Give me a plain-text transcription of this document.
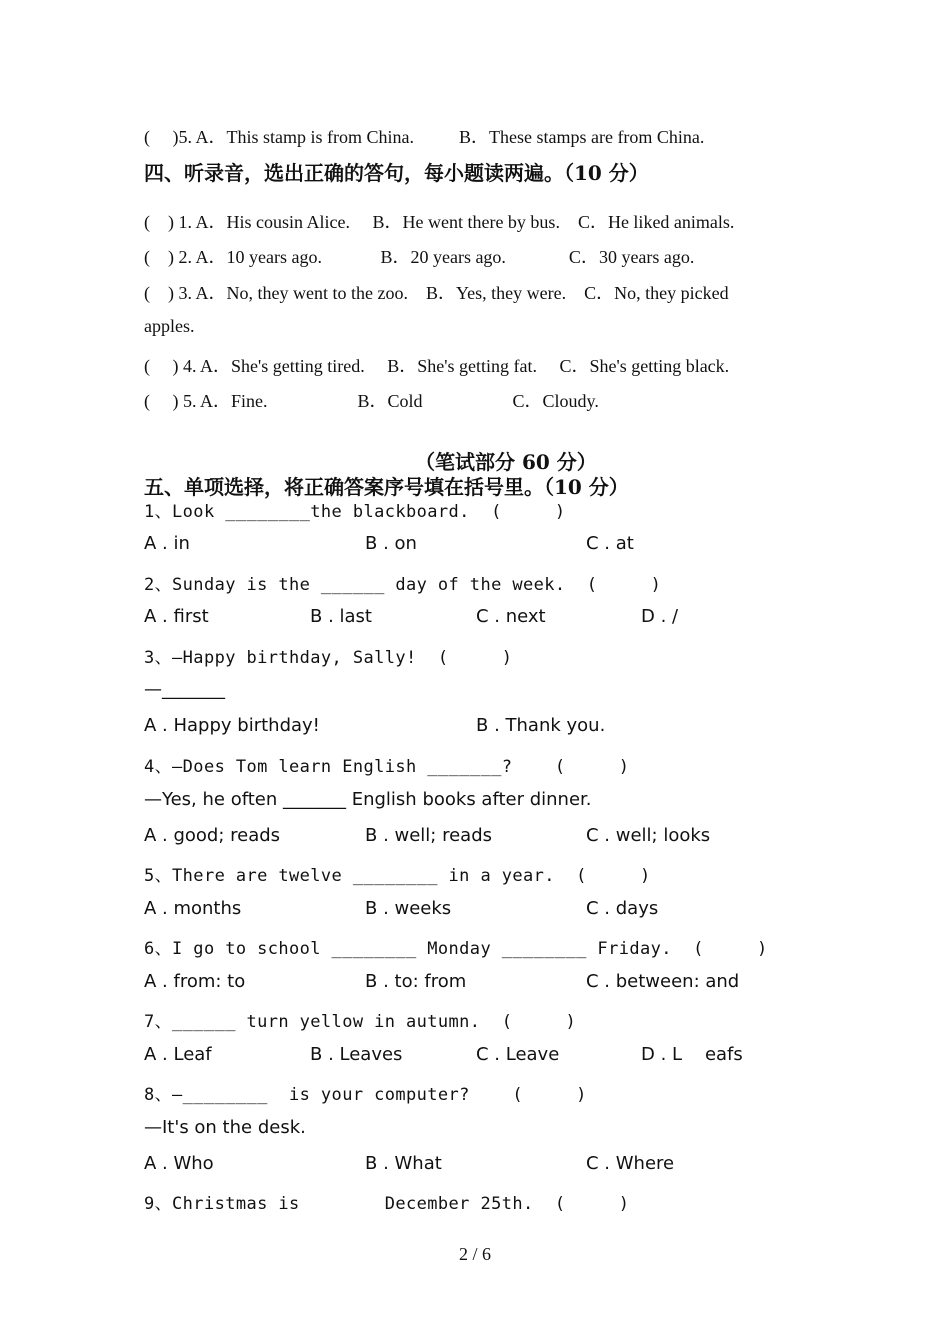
(     )5. A．This stamp is from China.          B．These stamps are from China.
四、听录音，选出正确的答句，每小题读两遍。（10 分）
(    ) 1. A．His cousin Alice.     B．He went there by bus.    C．He liked animals.
(    ) 2. A．10 years ago.             B．20 years ago.              C．30 years ago.
(    ) 3. A．No, they went to the zoo.    B．Yes, they were.    C．No, they picked
apples.
(     ) 4. A．She's getting tired.     B．She's getting fat.     C．She's getting black.
(     ) 5. A．Fine.                    B．Cold                    C．Cloudy.
（笔试部分 60 分）
五、单项选择，将正确答案序号填在括号里。（10 分）
1、Look ________the blackboard.  (     )

A . in

	B . on

	C . at

2、Sunday is the ______ day of the week.  (     )

A . first

	B . last

	C . next

	D . /

3、—Happy birthday, Sally!  (     )
—_______

A . Happy birthday!

	B . Thank you.

4、—Does Tom learn English _______?    (     )
—Yes, he often _______ English books after dinner.

A . good; reads

	B . well; reads

	C . well; looks

5、There are twelve ________ in a year.  (     )

A . months

	B . weeks

	C . days

6、I go to school ________ Monday ________ Friday.  (     )

A . from: to

	B . to: from

	C . between: and

7、______ turn yellow in autumn.  (     )

A . Leaf

	B . Leaves

	C . Leave

	D . L    eafs

8、—________  is your computer?    (     )
—It's on the desk.

A . Who

	B . What

	C . Where

9、Christmas is        December 25th.  (     )
2 / 6
